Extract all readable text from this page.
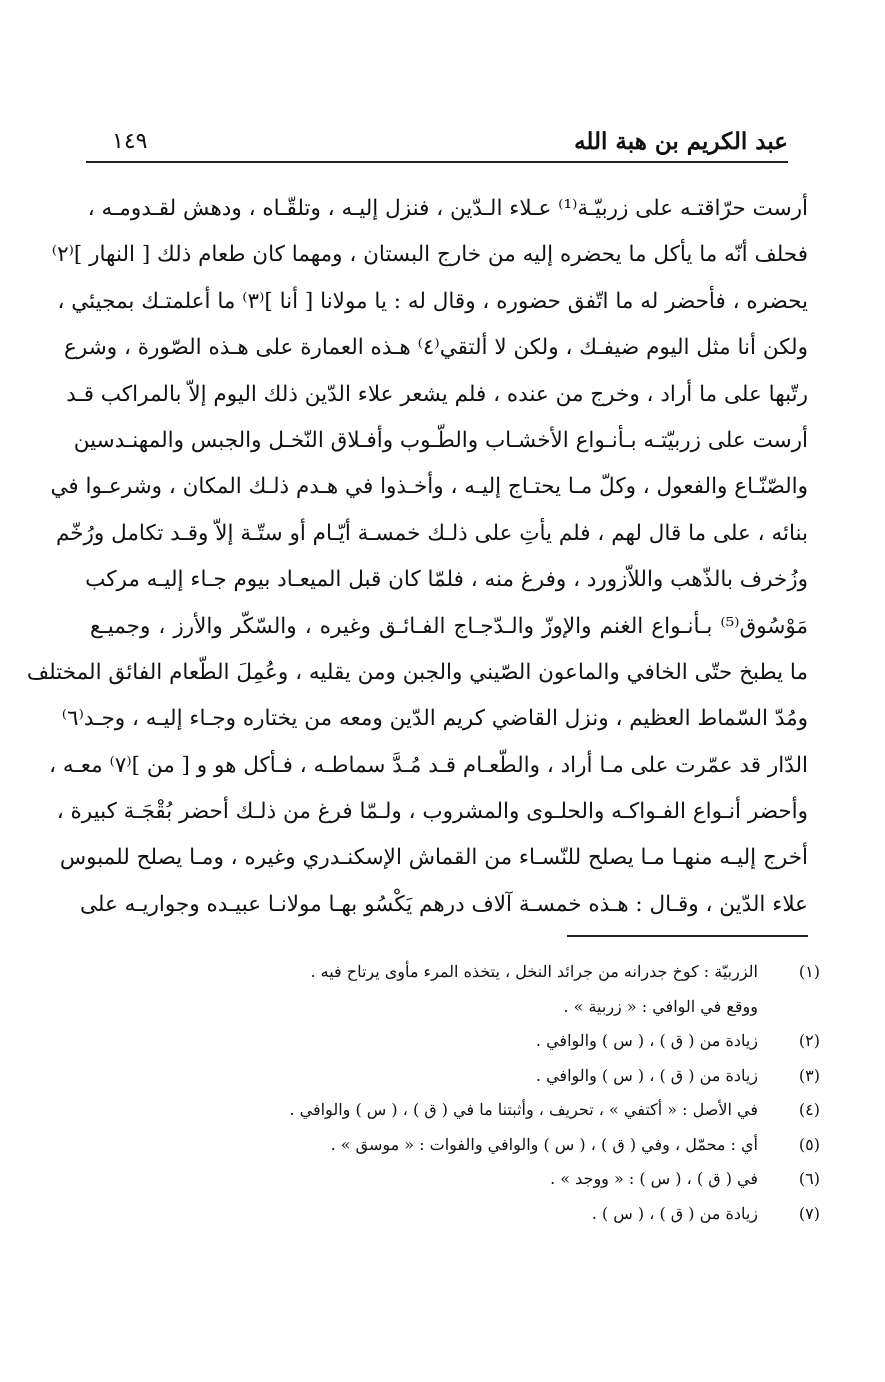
عبد الكريم بن هبة الله
١٤٩
أرست حرّاقتـه على زربيّـة⁽¹⁾ عـلاء الـدّين ، فنزل إليـه ، وتلقّـاه ، ودهش لقـدومـه ،
فحلف أنّه ما يأكل ما يحضره إليه من خارج البستان ، ومهما كان طعام ذلك [ النهار ]⁽٢⁾
يحضره ، فأحضر له ما اتّفق حضوره ، وقال له : يا مولانا [ أنا ]⁽٣⁾ ما أعلمتـك بمجيئي ،
ولكن أنا مثل اليوم ضيفـك ، ولكن لا ألتقي⁽٤⁾ هـذه العمارة على هـذه الصّورة ، وشرع
رتّبها على ما أراد ، وخرج من عنده ، فلم يشعر علاء الدّين ذلك اليوم إلاّ بالمراكب قـد
أرست على زربيّتـه بـأنـواع الأخشـاب والطّـوب وأفـلاق النّخـل والجبس والمهنـدسين
والصّنّـاع والفعول ، وكلّ مـا يحتـاج إليـه ، وأخـذوا في هـدم ذلـك المكان ، وشرعـوا في
بنائه ، على ما قال لهم ، فلم يأتِ على ذلـك خمسـة أيّـام أو ستّـة إلاّ وقـد تكامل ورُخّم
وزُخرف بالذّهب واللاّزورد ، وفرغ منه ، فلمّا كان قبل الميعـاد بيوم جـاء إليـه مركب
مَوْسُوق⁽⁵⁾ بـأنـواع الغنم والإوزّ والـدّجـاج الفـائـق وغيره ، والسّكّر والأرز ، وجميـع
ما يطبخ حتّى الخافي والماعون الصّيني والجبن ومن يقليه ، وعُمِلَ الطّعام الفائق المختلف
ومُدّ السّماط العظيم ، ونزل القاضي كريم الدّين ومعه من يختاره وجـاء إليـه ، وجـد⁽٦⁾
الدّار قد عمّرت على مـا أراد ، والطّعـام قـد مُـدَّ سماطـه ، فـأكل هو و [ من ]⁽٧⁾ معـه ،
وأحضر أنـواع الفـواكـه والحلـوى والمشروب ، ولـمّا فرغ من ذلـك أحضر بُقْجَـة كبيرة ،
أخرج إليـه منهـا مـا يصلح للنّسـاء من القماش الإسكنـدري وغيره ، ومـا يصلح للمبوس
علاء الدّين ، وقـال : هـذه خمسـة آلاف درهم يَكْسُو بهـا مولانـا عبيـده وجواريـه على
(١)
الزربيّة : كوخ جدرانه من جرائد النخل ، يتخذه المرء مأوى يرتاح فيه .
ووقع في الوافي : « زربية » .
(٢)
زيادة من ( ق ) ، ( س ) والوافي .
(٣)
زيادة من ( ق ) ، ( س ) والوافي .
(٤)
في الأصل : « أكتفي » ، تحريف ، وأثبتنا ما في ( ق ) ، ( س ) والوافي .
(٥)
أي : محمّل ، وفي ( ق ) ، ( س ) والوافي والفوات : « موسق » .
(٦)
في ( ق ) ، ( س ) : « ووجد » .
(٧)
زيادة من ( ق ) ، ( س ) .
